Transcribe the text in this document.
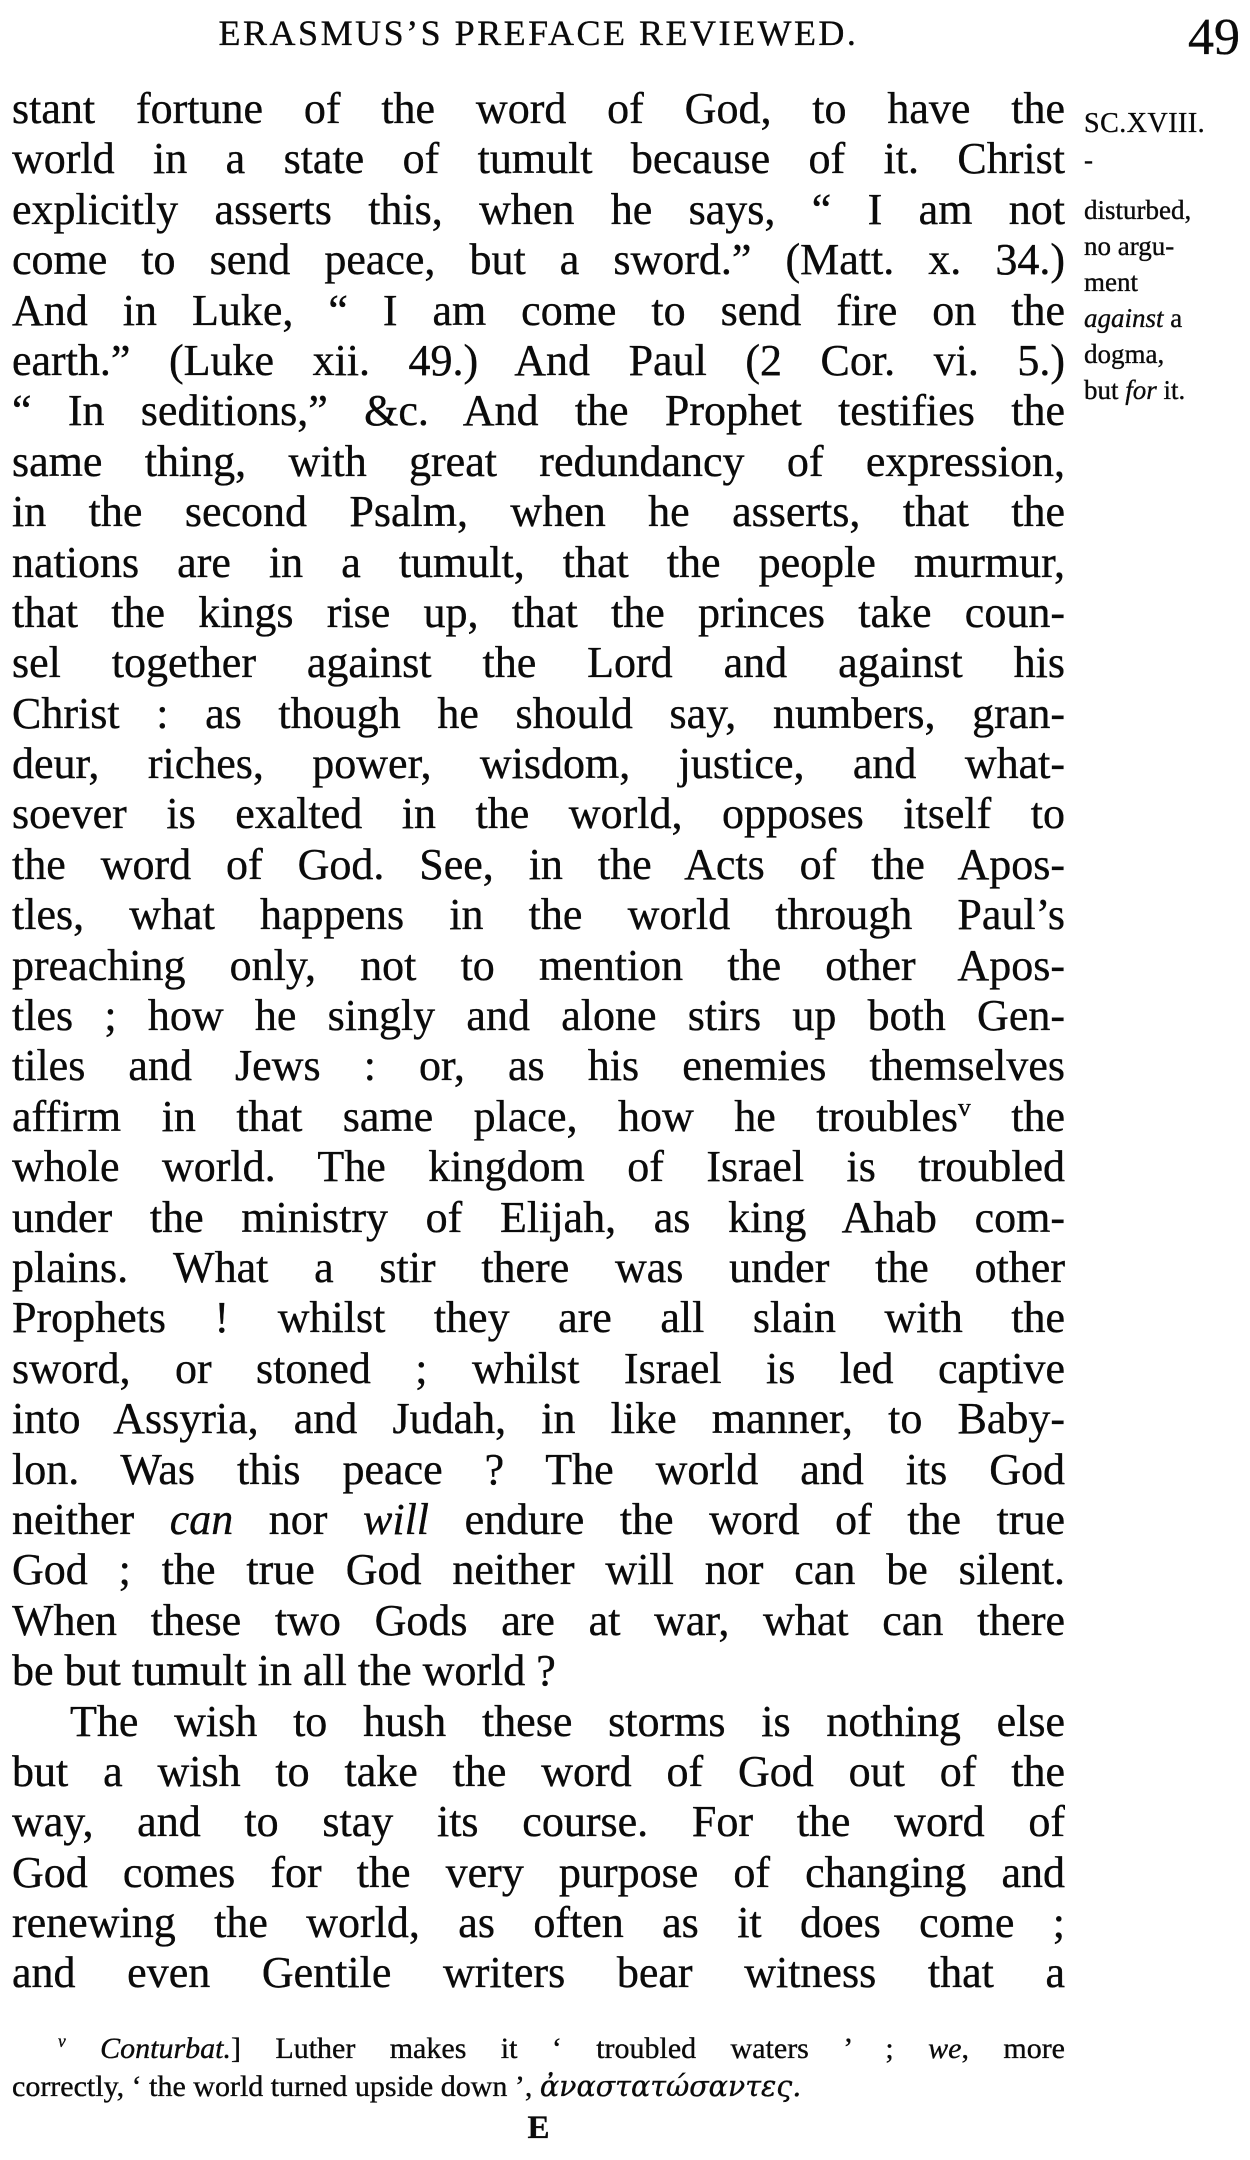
ERASMUS’S PREFACE REVIEWED.	49
stant fortune of the word of God, to have the
world in a state of tumult because of it. Christ
explicitly asserts this, when he says, “ I am not
come to send peace, but a sword.” (Matt. x. 34.)
And in Luke, “ I am come to send fire on the
earth.” (Luke xii. 49.) And Paul (2 Cor. vi. 5.)
“ In seditions,” &c. And the Prophet testifies the
same thing, with great redundancy of expression,
in the second Psalm, when he asserts, that the
nations are in a tumult, that the people murmur,
that the kings rise up, that the princes take coun-
sel together against the Lord and against his
Christ : as though he should say, numbers, gran-
deur, riches, power, wisdom, justice, and what-
soever is exalted in the world, opposes itself to
the word of God. See, in the Acts of the Apos-
tles, what happens in the world through Paul’s
preaching only, not to mention the other Apos-
tles ; how he singly and alone stirs up both Gen-
tiles and Jews : or, as his enemies themselves
affirm in that same place, how he troubles$^v$ the
whole world. The kingdom of Israel is troubled
under the ministry of Elijah, as king Ahab com-
plains. What a stir there was under the other
Prophets ! whilst they are all slain with the
sword, or stoned ; whilst Israel is led captive
into Assyria, and Judah, in like manner, to Baby-
lon. Was this peace ? The world and its God
neither can nor will endure the word of the true
God ; the true God neither will nor can be silent.
When these two Gods are at war, what can there
be but tumult in all the world ?
The wish to hush these storms is nothing else
but a wish to take the word of God out of the
way, and to stay its course. For the word of
God comes for the very purpose of changing and
renewing the world, as often as it does come ;
and even Gentile writers bear witness that a
SC.XVIII.
-
disturbed,
no argu-
ment
against a
dogma,
but for it.
$^v$ Conturbat.] Luther makes it ‘ troubled waters ’ ; we, more
correctly, ‘ the world turned upside down ’, ἀναστατώσαντες.
E
